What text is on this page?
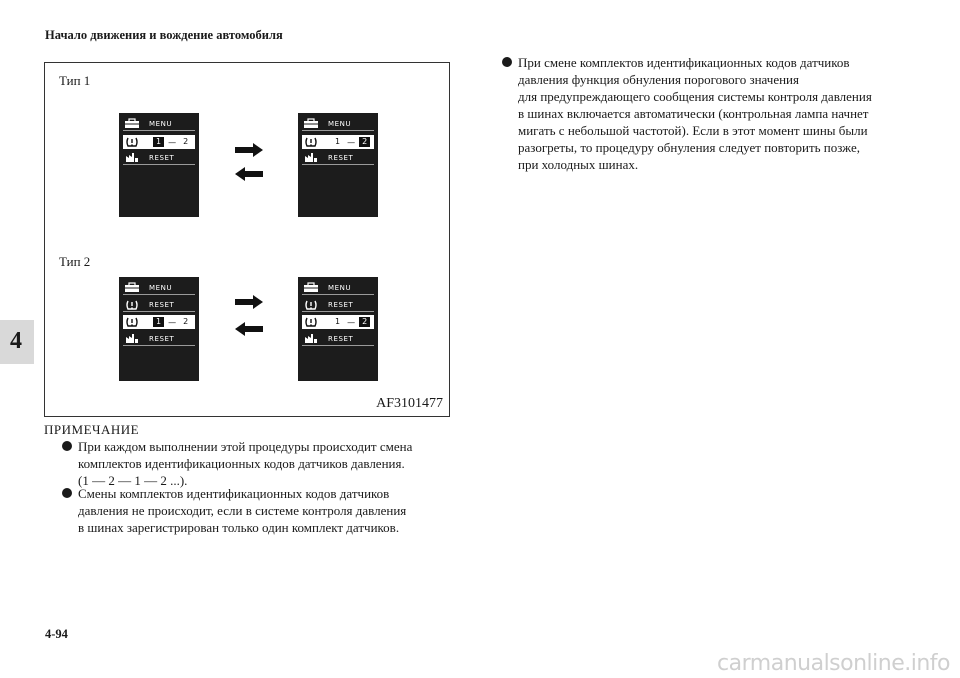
Начало движения и вождение автомобиля
4
Тип 1
Тип 2
MENU
1 — 2
RESET
MENU
1 — 2
RESET
MENU
RESET
1 — 2
RESET
MENU
RESET
1 — 2
RESET
AF3101477
ПРИМЕЧАНИЕ
При каждом выполнении этой процедуры происходит смена
комплектов идентификационных кодов датчиков давления.
(1 — 2 — 1 — 2 ...).
Смены комплектов идентификационных кодов датчиков
давления не происходит, если в системе контроля давления
в шинах зарегистрирован только один комплект датчиков.
При смене комплектов идентификационных кодов датчиков
давления функция обнуления порогового значения
для предупреждающего сообщения системы контроля давления
в шинах включается автоматически (контрольная лампа начнет
мигать с небольшой частотой). Если в этот момент шины были
разогреты, то процедуру обнуления следует повторить позже,
при холодных шинах.
4-94
carmanualsonline.info
